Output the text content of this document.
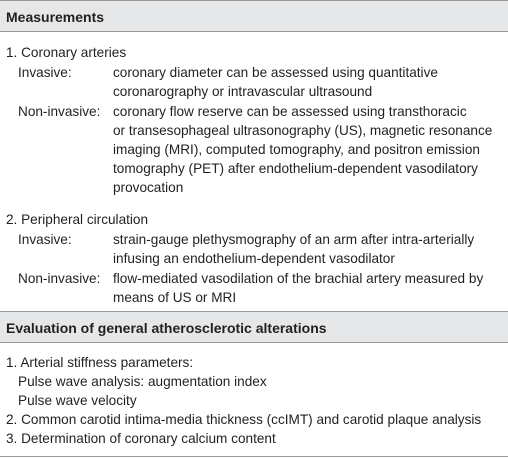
Measurements
1. Coronary arteries
Invasive:	coronary diameter can be assessed using quantitative
coronarography or intravascular ultrasound
Non-invasive: coronary flow reserve can be assessed using transthoracic
or transesophageal ultrasonography (US), magnetic resonance
imaging (MRI), computed tomography, and positron emission
tomography (PET) after endothelium-dependent vasodilatory
provocation
2. Peripheral circulation
Invasive:	strain-gauge plethysmography of an arm after intra-arterially
infusing an endothelium-dependent vasodilator
Non-invasive: flow-mediated vasodilation of the brachial artery measured by
means of US or MRI
Evaluation of general atherosclerotic alterations
1. Arterial stiffness parameters:
Pulse wave analysis: augmentation index
Pulse wave velocity
2. Common carotid intima-media thickness (ccIMT) and carotid plaque analysis
3. Determination of coronary calcium content
